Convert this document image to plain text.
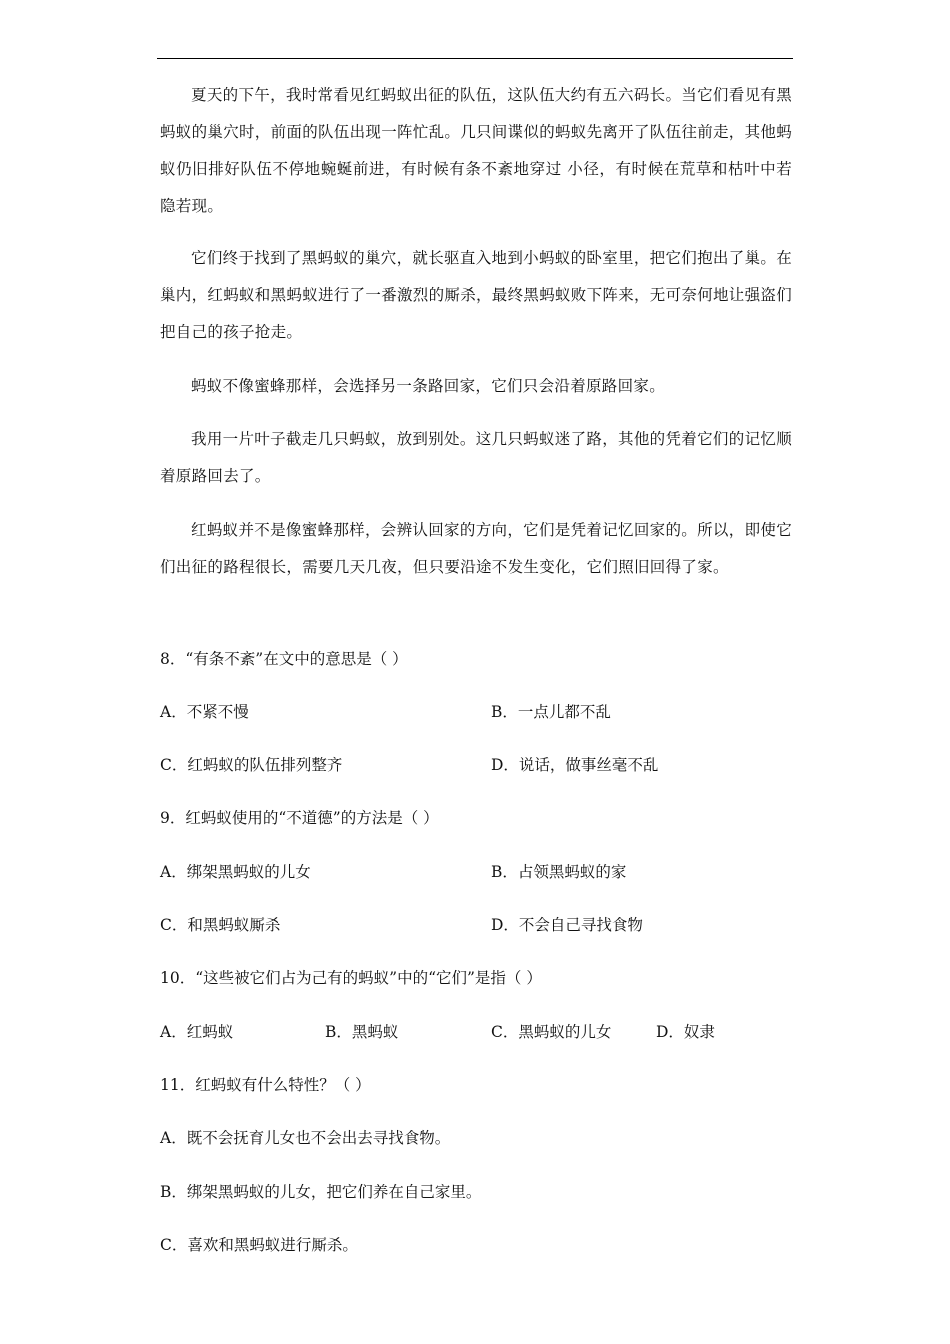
夏天的下午，我时常看见红蚂蚁出征的队伍，这队伍大约有五六码长。当它们看见有黑蚂蚁的巢穴时，前面的队伍出现一阵忙乱。几只间谍似的蚂蚁先离开了队伍往前走，其他蚂蚁仍旧排好队伍不停地蜿蜒前进，有时候有条不紊地穿过 小径，有时候在荒草和枯叶中若隐若现。
它们终于找到了黑蚂蚁的巢穴，就长驱直入地到小蚂蚁的卧室里，把它们抱出了巢。在巢内，红蚂蚁和黑蚂蚁进行了一番激烈的厮杀，最终黑蚂蚁败下阵来，无可奈何地让强盗们把自己的孩子抢走。
蚂蚁不像蜜蜂那样，会选择另一条路回家，它们只会沿着原路回家。
我用一片叶子截走几只蚂蚁，放到别处。这几只蚂蚁迷了路，其他的凭着它们的记忆顺着原路回去了。
红蚂蚁并不是像蜜蜂那样，会辨认回家的方向，它们是凭着记忆回家的。所以，即使它们出征的路程很长，需要几天几夜，但只要沿途不发生变化，它们照旧回得了家。
8．“有条不紊”在文中的意思是（ ）
A．不紧不慢	B．一点儿都不乱
C．红蚂蚁的队伍排列整齐	D．说话，做事丝毫不乱
9．红蚂蚁使用的“不道德”的方法是（ ）
A．绑架黑蚂蚁的儿女	B．占领黑蚂蚁的家
C．和黑蚂蚁厮杀	D．不会自己寻找食物
10．“这些被它们占为己有的蚂蚁”中的“它们”是指（ ）
A．红蚂蚁	B．黑蚂蚁	C．黑蚂蚁的儿女	D．奴隶
11．红蚂蚁有什么特性？（ ）
A．既不会抚育儿女也不会出去寻找食物。
B．绑架黑蚂蚁的儿女，把它们养在自己家里。
C．喜欢和黑蚂蚁进行厮杀。
